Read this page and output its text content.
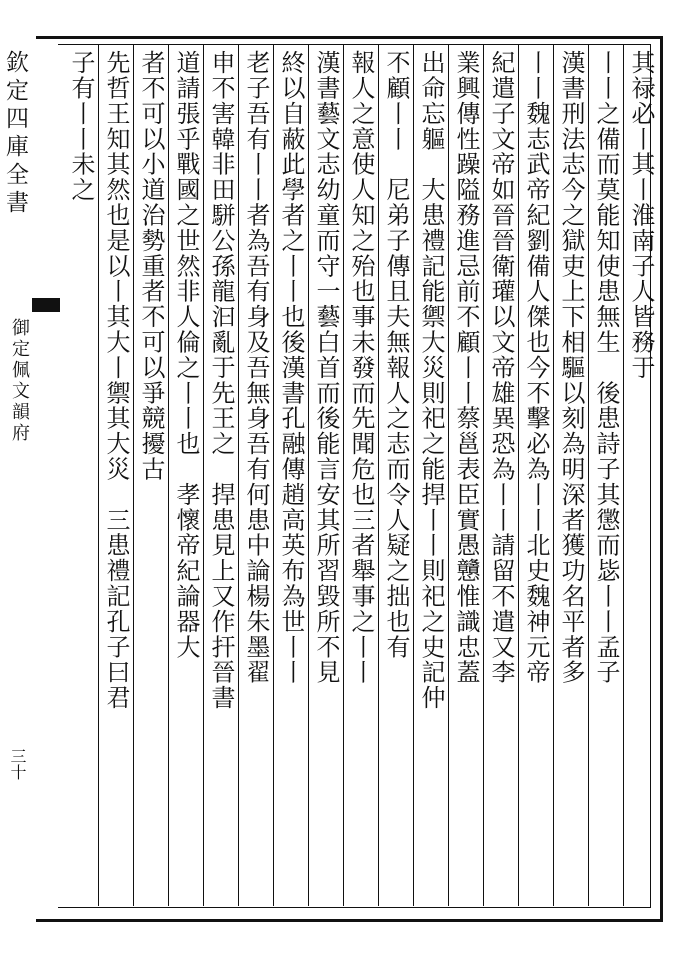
欽定四庫全書
御定佩文韻府
三十
其禄必丨其丨淮南子人皆務于
丨丨之備而莫能知使患無生　後患詩子其懲而毖丨丨孟子
漢書刑法志今之獄吏上下相驅以刻為明深者獲功名平者多
丨丨魏志武帝紀劉備人傑也今不擊必為丨丨北史魏神元帝
紀遣子文帝如晉晉衛瓘以文帝雄異恐為丨丨請留不遣又李
業興傳性躁隘務進忌前不顧丨丨蔡邕表臣實愚戇惟識忠蓋
出命忘軀　大患禮記能禦大災則祀之能捍丨丨則祀之史記仲
不顧丨丨　尼弟子傳且夫無報人之志而令人疑之拙也有
報人之意使人知之殆也事未發而先聞危也三者舉事之丨丨
漢書藝文志幼童而守一藝白首而後能言安其所習毀所不見
終以自蔽此學者之丨丨也後漢書孔融傳趙高英布為世丨丨
老子吾有丨丨者為吾有身及吾無身吾有何患中論楊朱墨翟
申不害韓非田駢公孫龍汩亂于先王之　捍患見上又作扞晉書
道請張乎戰國之世然非人倫之丨丨也　孝懷帝紀論器大
者不可以小道治勢重者不可以爭競擾古
先哲王知其然也是以丨其大丨禦其大災　三患禮記孔子曰君
子有丨丨未之
